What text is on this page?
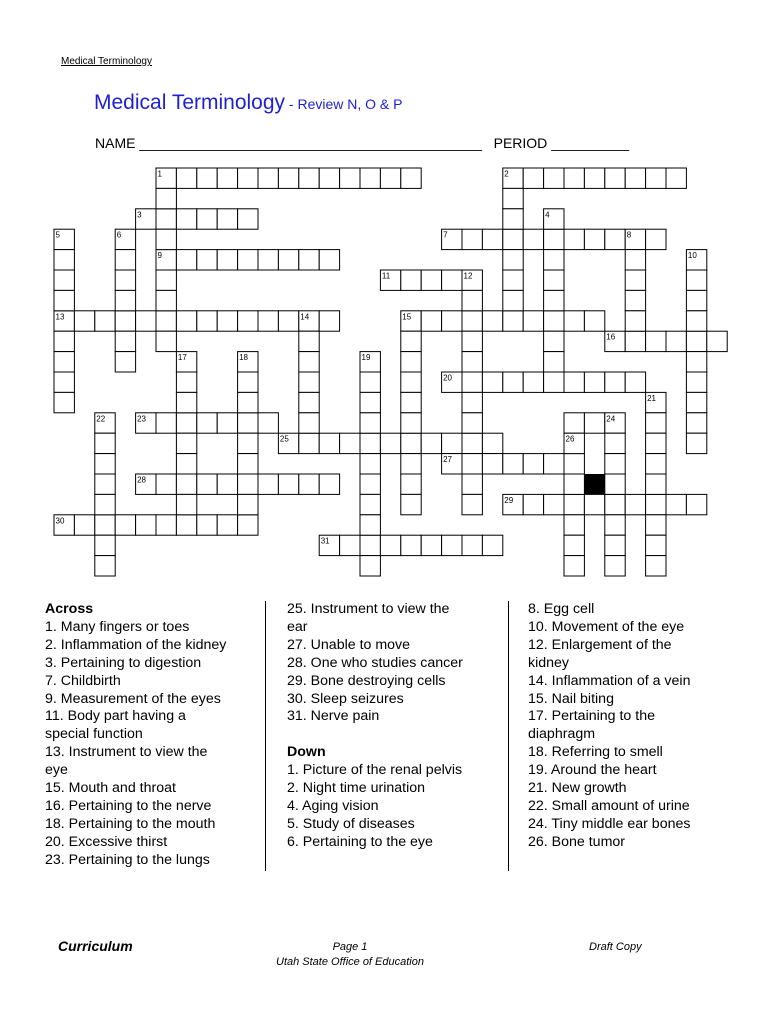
Medical Terminology
Medical Terminology - Review N, O & P
NAME ____________________________________________ PERIOD __________
1	2
3	4
5	6	7	8
9	10
11	12
13	14	15
16
17	18	19
20
21
22	23	24
25	26
27
28
29
30
31
Across
1. Many fingers or toes
2. Inflammation of the kidney
3. Pertaining to digestion
7. Childbirth
9. Measurement of the eyes
11. Body part having a
special function
13. Instrument to view the
eye
15. Mouth and throat
16. Pertaining to the nerve
18. Pertaining to the mouth
20. Excessive thirst
23. Pertaining to the lungs
25. Instrument to view the
ear
27. Unable to move
28. One who studies cancer
29. Bone destroying cells
30. Sleep seizures
31. Nerve pain
Down
1. Picture of the renal pelvis
2. Night time urination
4. Aging vision
5. Study of diseases
6. Pertaining to the eye
8. Egg cell
10. Movement of the eye
12. Enlargement of the
kidney
14. Inflammation of a vein
15. Nail biting
17. Pertaining to the
diaphragm
18. Referring to smell
19. Around the heart
21. New growth
22. Small amount of urine
24. Tiny middle ear bones
26. Bone tumor
Curriculum	Page 1
Utah State Office of Education
Draft Copy
